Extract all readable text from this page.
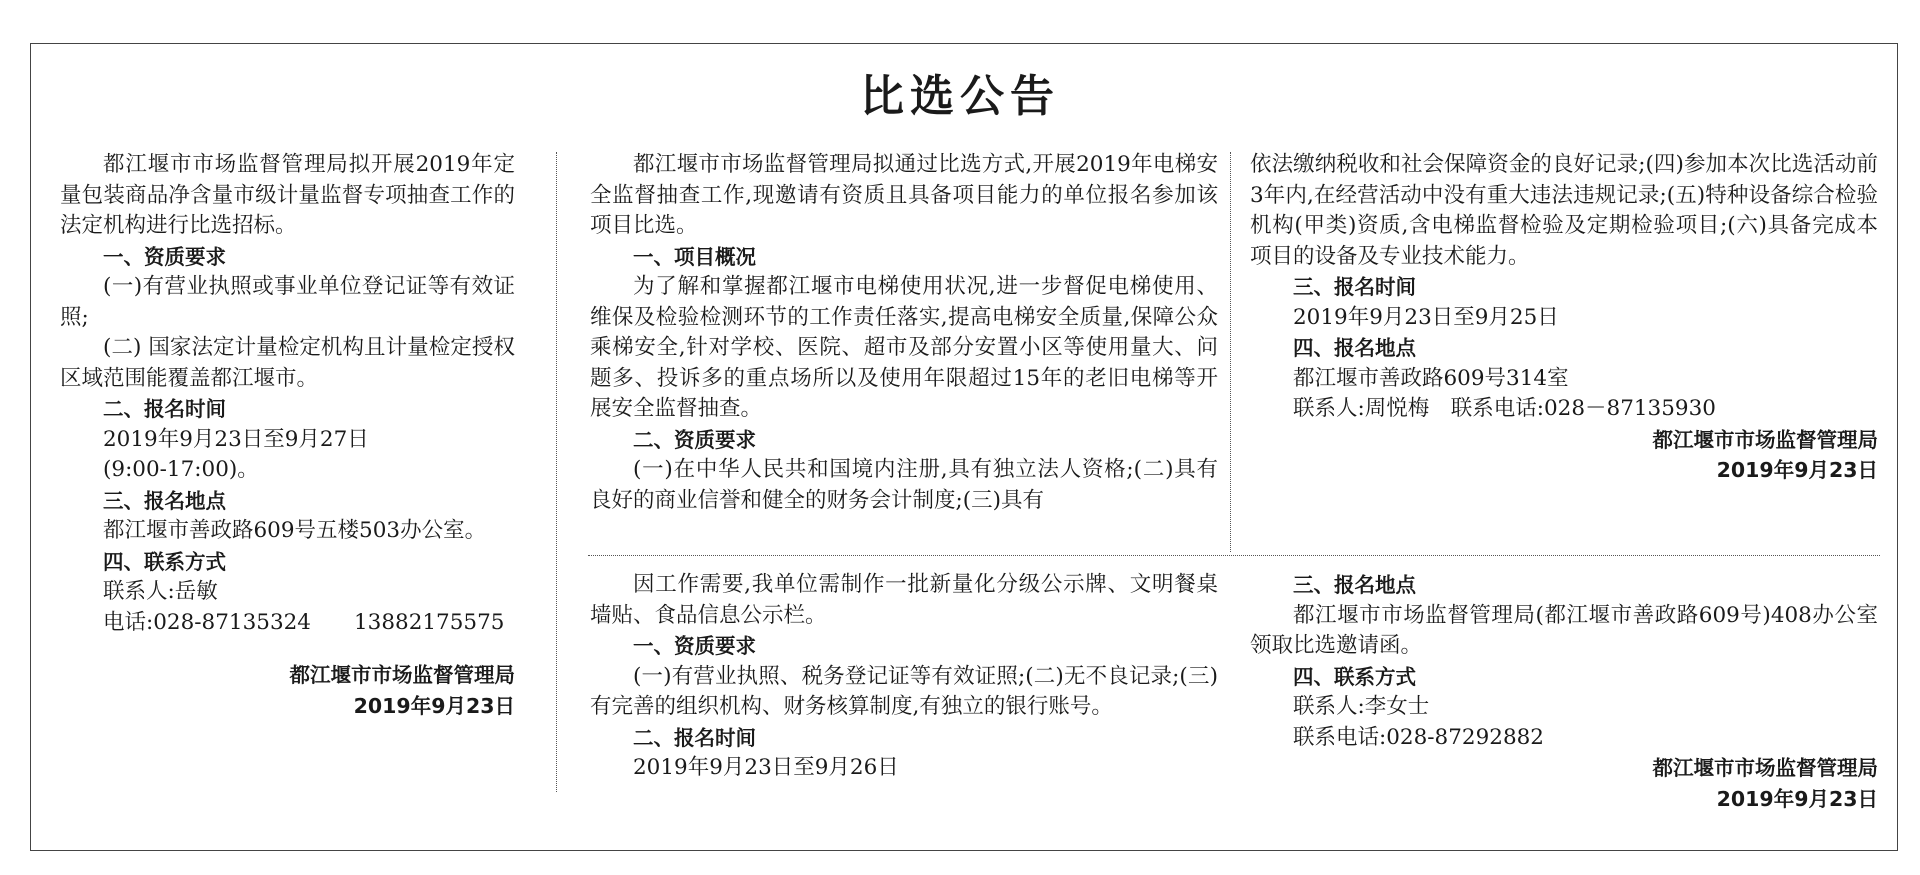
比选公告

都江堰市市场监督管理局拟开展2019年定量包装商品净含量市级计量监督专项抽查工作的法定机构进行比选招标。

一、资质要求

(一)有营业执照或事业单位登记证等有效证照;

(二) 国家法定计量检定机构且计量检定授权区域范围能覆盖都江堰市。

二、报名时间

2019年9月23日至9月27日

(9:00-17:00)。

三、报名地点

都江堰市善政路609号五楼503办公室。

四、联系方式

联系人:岳敏

电话:028-87135324　　13882175575

都江堰市市场监督管理局

2019年9月23日

都江堰市市场监督管理局拟通过比选方式,开展2019年电梯安全监督抽查工作,现邀请有资质且具备项目能力的单位报名参加该项目比选。

一、项目概况

为了解和掌握都江堰市电梯使用状况,进一步督促电梯使用、维保及检验检测环节的工作责任落实,提高电梯安全质量,保障公众乘梯安全,针对学校、医院、超市及部分安置小区等使用量大、问题多、投诉多的重点场所以及使用年限超过15年的老旧电梯等开展安全监督抽查。

二、资质要求

(一)在中华人民共和国境内注册,具有独立法人资格;(二)具有良好的商业信誉和健全的财务会计制度;(三)具有

依法缴纳税收和社会保障资金的良好记录;(四)参加本次比选活动前3年内,在经营活动中没有重大违法违规记录;(五)特种设备综合检验机构(甲类)资质,含电梯监督检验及定期检验项目;(六)具备完成本项目的设备及专业技术能力。

三、报名时间

2019年9月23日至9月25日

四、报名地点

都江堰市善政路609号314室

联系人:周悦梅　联系电话:028－87135930

都江堰市市场监督管理局

2019年9月23日

因工作需要,我单位需制作一批新量化分级公示牌、文明餐桌墙贴、食品信息公示栏。

一、资质要求

(一)有营业执照、税务登记证等有效证照;(二)无不良记录;(三)有完善的组织机构、财务核算制度,有独立的银行账号。

二、报名时间

2019年9月23日至9月26日

三、报名地点

都江堰市市场监督管理局(都江堰市善政路609号)408办公室领取比选邀请函。

四、联系方式

联系人:李女士

联系电话:028-87292882

都江堰市市场监督管理局

2019年9月23日
